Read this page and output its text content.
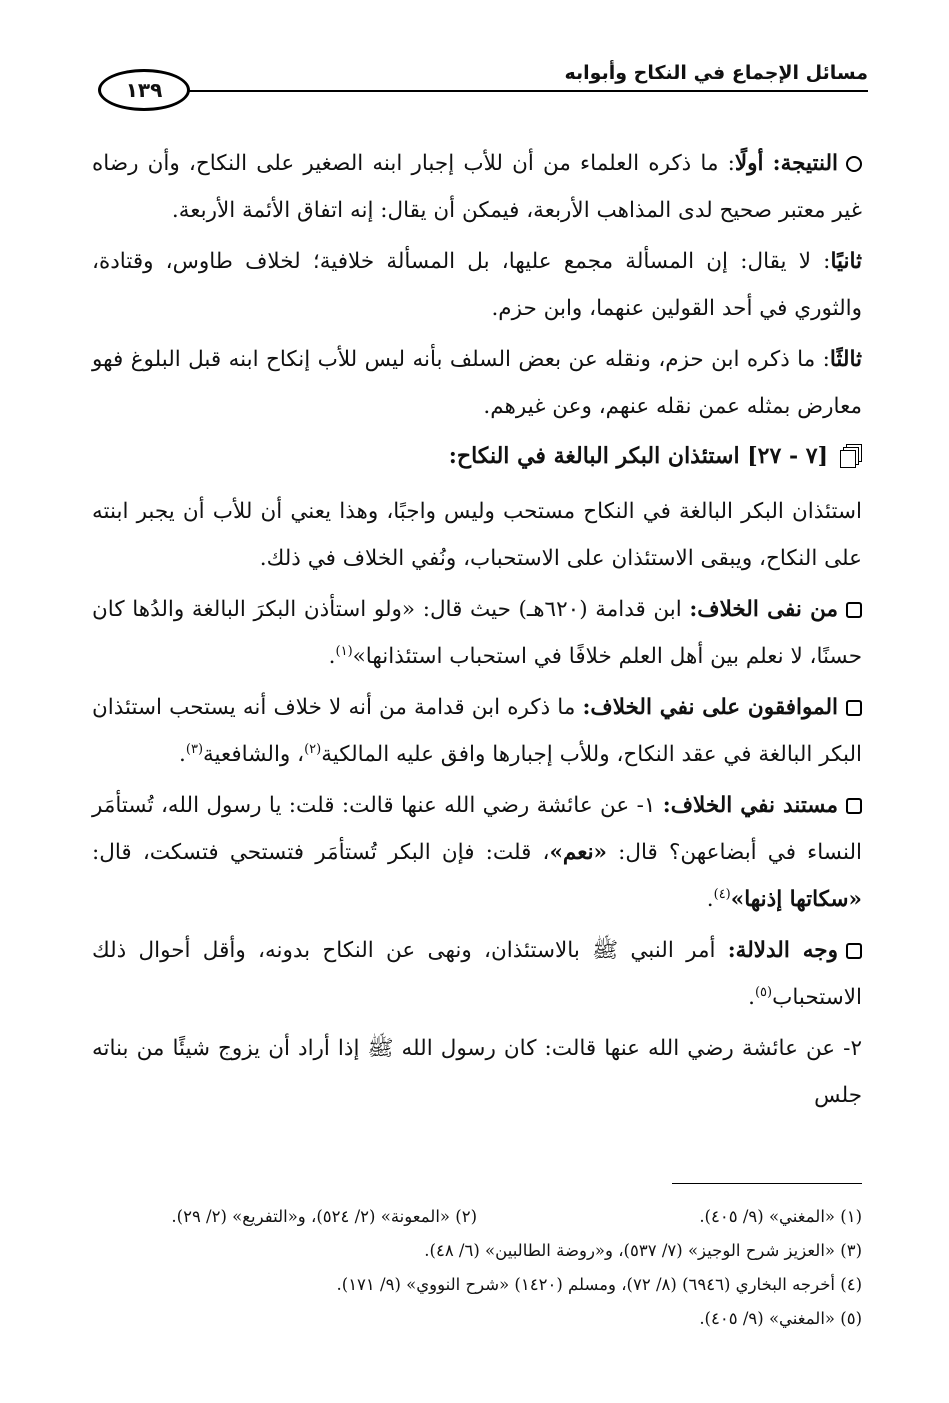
مسائل الإجماع في النكاح وأبوابه
١٣٩

النتيجة: أولًا: ما ذكره العلماء من أن للأب إجبار ابنه الصغير على النكاح، وأن رضاه غير معتبر صحيح لدى المذاهب الأربعة، فيمكن أن يقال: إنه اتفاق الأئمة الأربعة.

ثانيًا: لا يقال: إن المسألة مجمع عليها، بل المسألة خلافية؛ لخلاف طاوس، وقتادة، والثوري في أحد القولين عنهما، وابن حزم.

ثالثًا: ما ذكره ابن حزم، ونقله عن بعض السلف بأنه ليس للأب إنكاح ابنه قبل البلوغ فهو معارض بمثله عمن نقله عنهم، وعن غيرهم.

[٧ - ٢٧]

استئذان البكر البالغة في النكاح:

استئذان البكر البالغة في النكاح مستحب وليس واجبًا، وهذا يعني أن للأب أن يجبر ابنته على النكاح، ويبقى الاستئذان على الاستحباب، ونُفي الخلاف في ذلك.

من نفى الخلاف: ابن قدامة (٦٢٠هـ) حيث قال: «ولو استأذن البكرَ البالغة والدُها كان حسنًا، لا نعلم بين أهل العلم خلافًا في استحباب استئذانها»$^{(١)}$.

الموافقون على نفي الخلاف: ما ذكره ابن قدامة من أنه لا خلاف أنه يستحب استئذان البكر البالغة في عقد النكاح، وللأب إجبارها وافق عليه المالكية$^{(٢)}$، والشافعية$^{(٣)}$.

مستند نفي الخلاف: ١- عن عائشة رضي الله عنها قالت: قلت: يا رسول الله، تُستأمَر النساء في أبضاعهن؟ قال: «نعم»، قلت: فإن البكر تُستأمَر فتستحي فتسكت، قال: «سكاتها إذنها»$^{(٤)}$.

وجه الدلالة: أمر النبي ﷺ بالاستئذان، ونهى عن النكاح بدونه، وأقل أحوال ذلك الاستحباب$^{(٥)}$.

٢- عن عائشة رضي الله عنها قالت: كان رسول الله ﷺ إذا أراد أن يزوج شيئًا من بناته جلس

(١) «المغني» (٩/ ٤٠٥).
(٢) «المعونة» (٢/ ٥٢٤)، و«التفريع» (٢/ ٢٩).
(٣) «العزيز شرح الوجيز» (٧/ ٥٣٧)، و«روضة الطالبين» (٦/ ٤٨).
(٤) أخرجه البخاري (٦٩٤٦) (٨/ ٧٢)، ومسلم (١٤٢٠) «شرح النووي» (٩/ ١٧١).
(٥) «المغني» (٩/ ٤٠٥).
